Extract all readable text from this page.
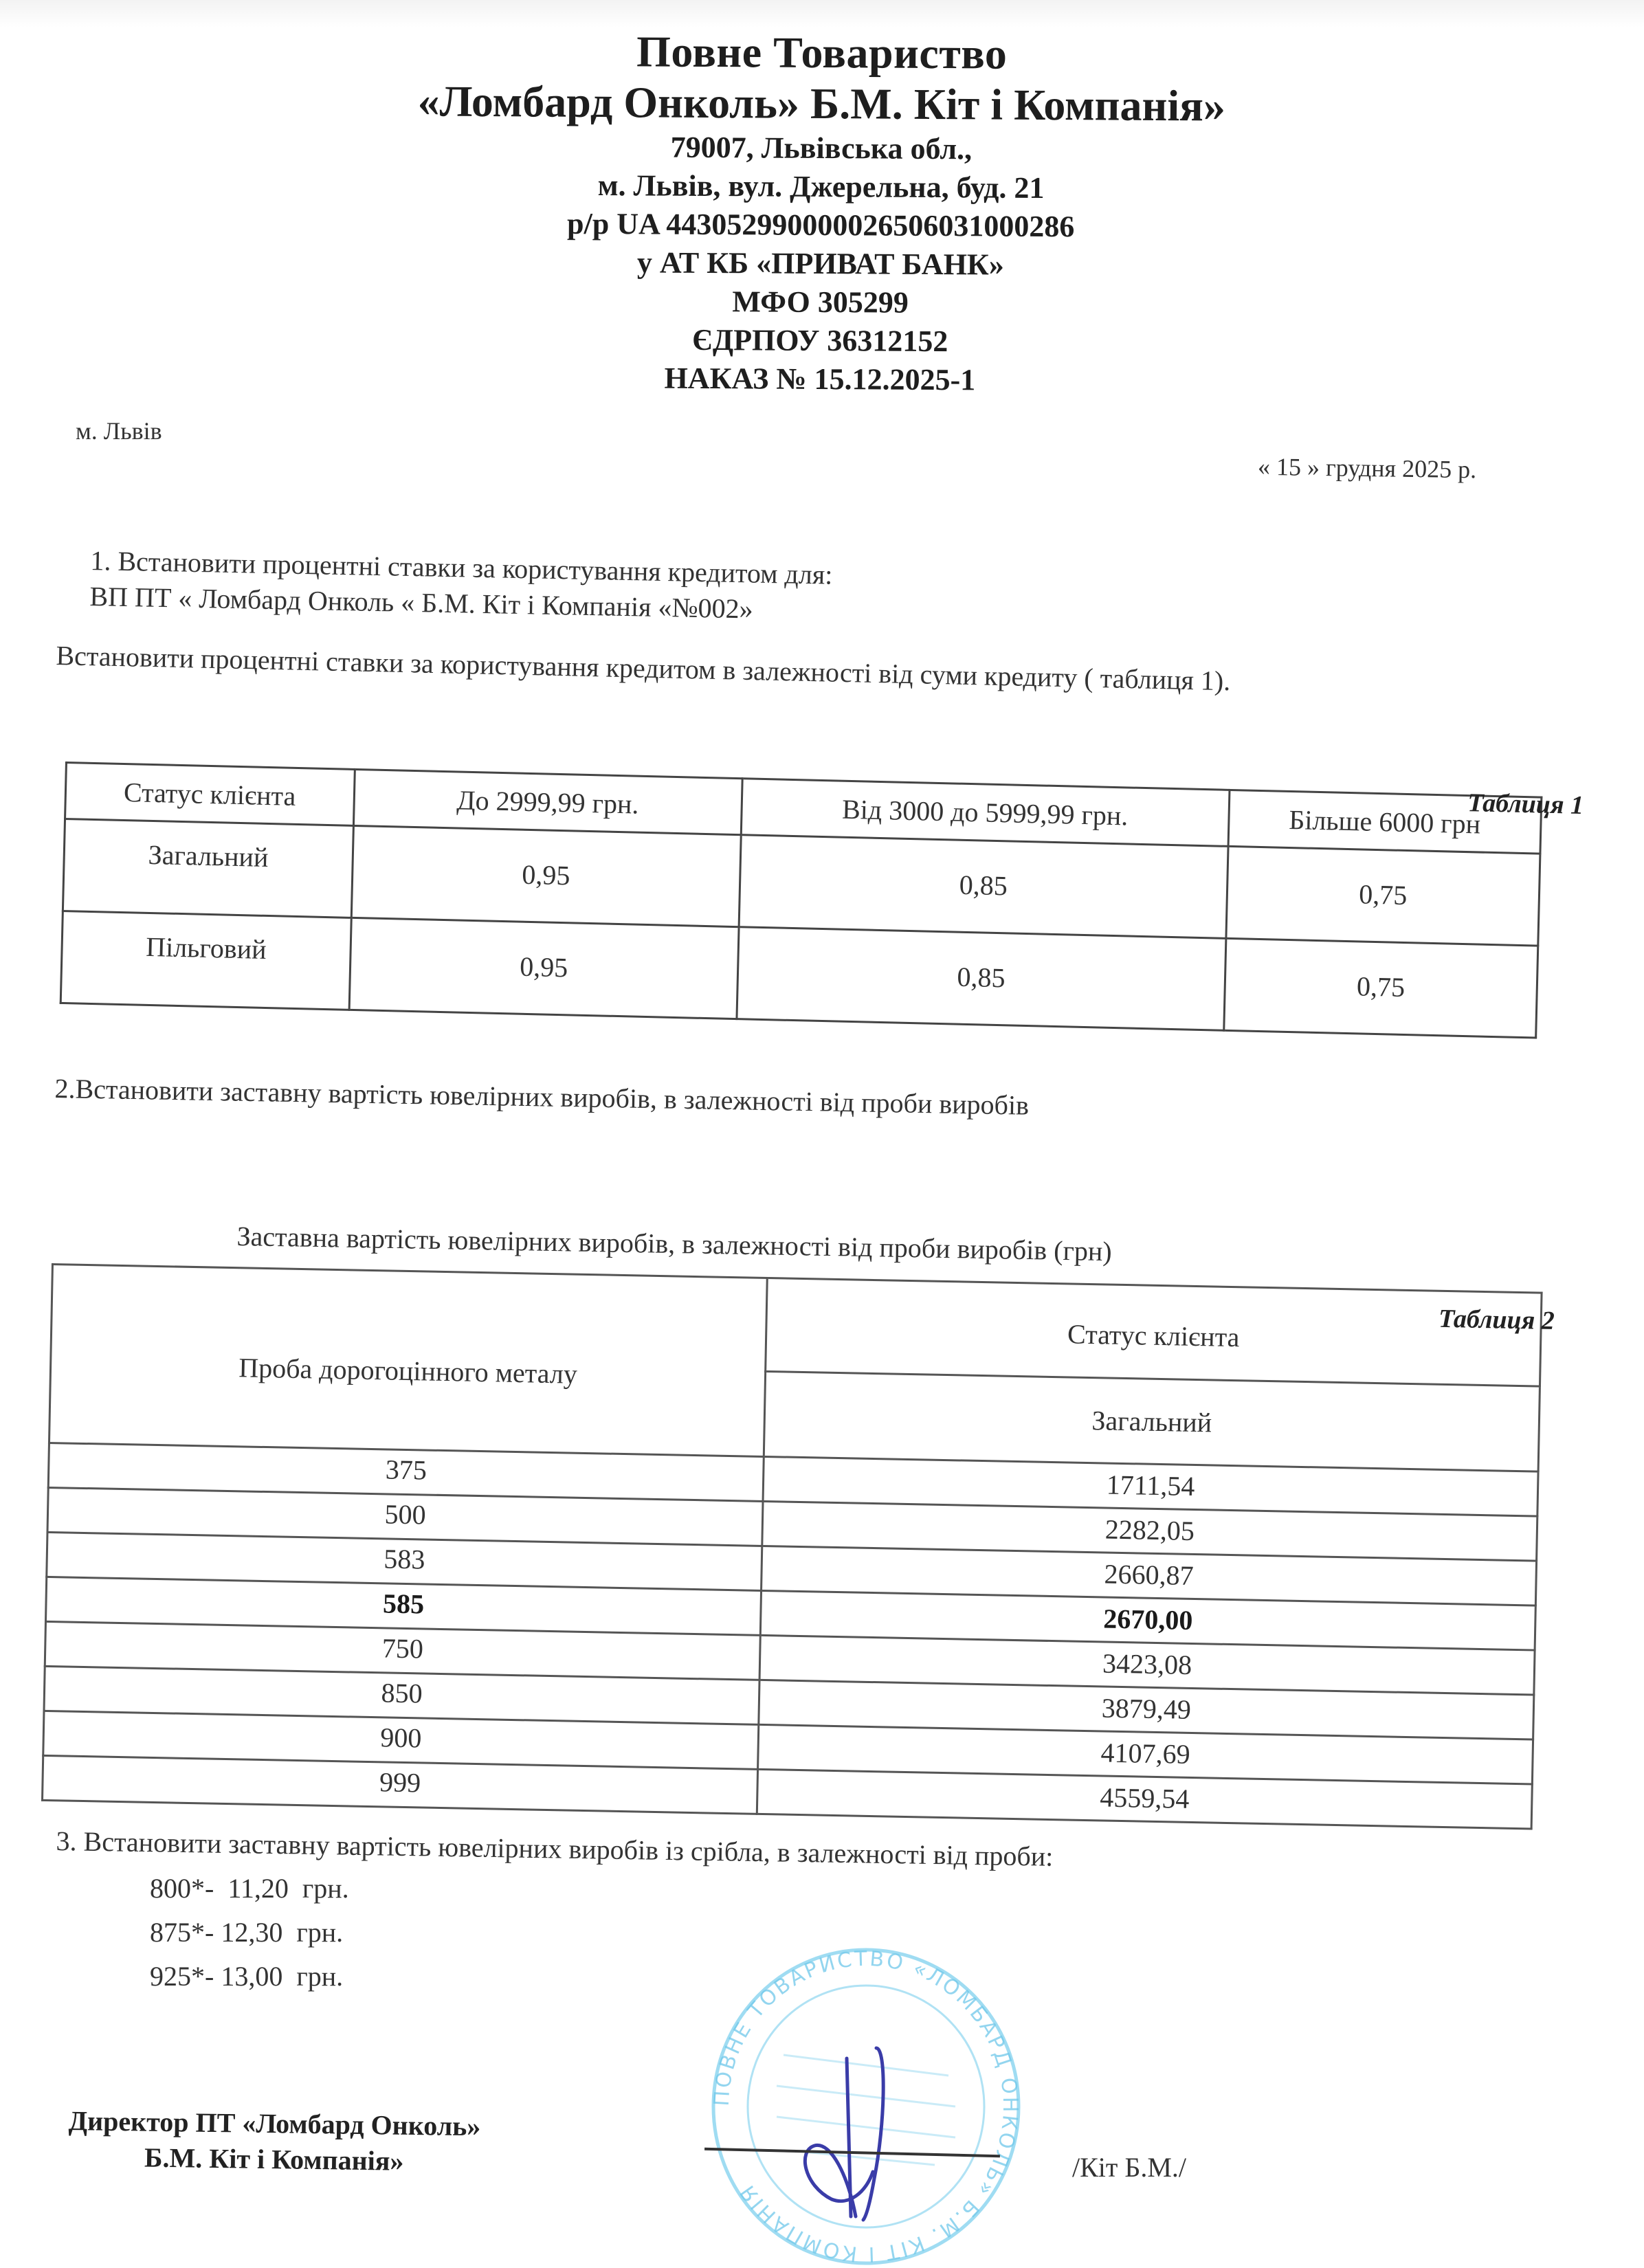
Повне Товариство
«Ломбард Онколь» Б.М. Кіт і Компанія»
79007, Львівська обл.,
м. Львів, вул. Джерельна, буд. 21
р/р UA 443052990000026506031000286
у АТ КБ «ПРИВАТ БАНК»
МФО 305299
ЄДРПОУ 36312152
НАКАЗ № 15.12.2025-1
м. Львів
« 15 » грудня 2025 р.
1. Встановити процентні ставки за користування кредитом для:
ВП ПТ « Ломбард Онколь « Б.М. Кіт і Компанія «№002»
Встановити процентні ставки за користування кредитом в залежності від суми кредиту ( таблиця 1).
Статус клієнта	До 2999,99 грн.	Від 3000 до 5999,99 грн.	Більше 6000 грн
Загальний	0,95	0,85	0,75
Пільговий	0,95	0,85	0,75
Таблиця 1
2.Встановити заставну вартість ювелірних виробів, в залежності від проби виробів
Заставна вартість ювелірних виробів, в залежності від проби виробів (грн)
Проба дорогоцінного металу	Статус клієнта
	Загальний
375	1711,54
500	2282,05
583	2660,87
585	2670,00
750	3423,08
850	3879,49
900	4107,69
999	4559,54
Таблиця 2
3. Встановити заставну вартість ювелірних виробів із срібла, в залежності від проби:
800*-  11,20  грн.
875*- 12,30  грн.
925*- 13,00  грн.
Директор ПТ «Ломбард Онколь»
Б.М. Кіт і Компанія»
ПОВНЕ ТОВАРИСТВО «ЛОМБАРД ОНКОЛЬ» Б.М. КІТ І КОМПАНІЯ
/Кіт Б.М./
